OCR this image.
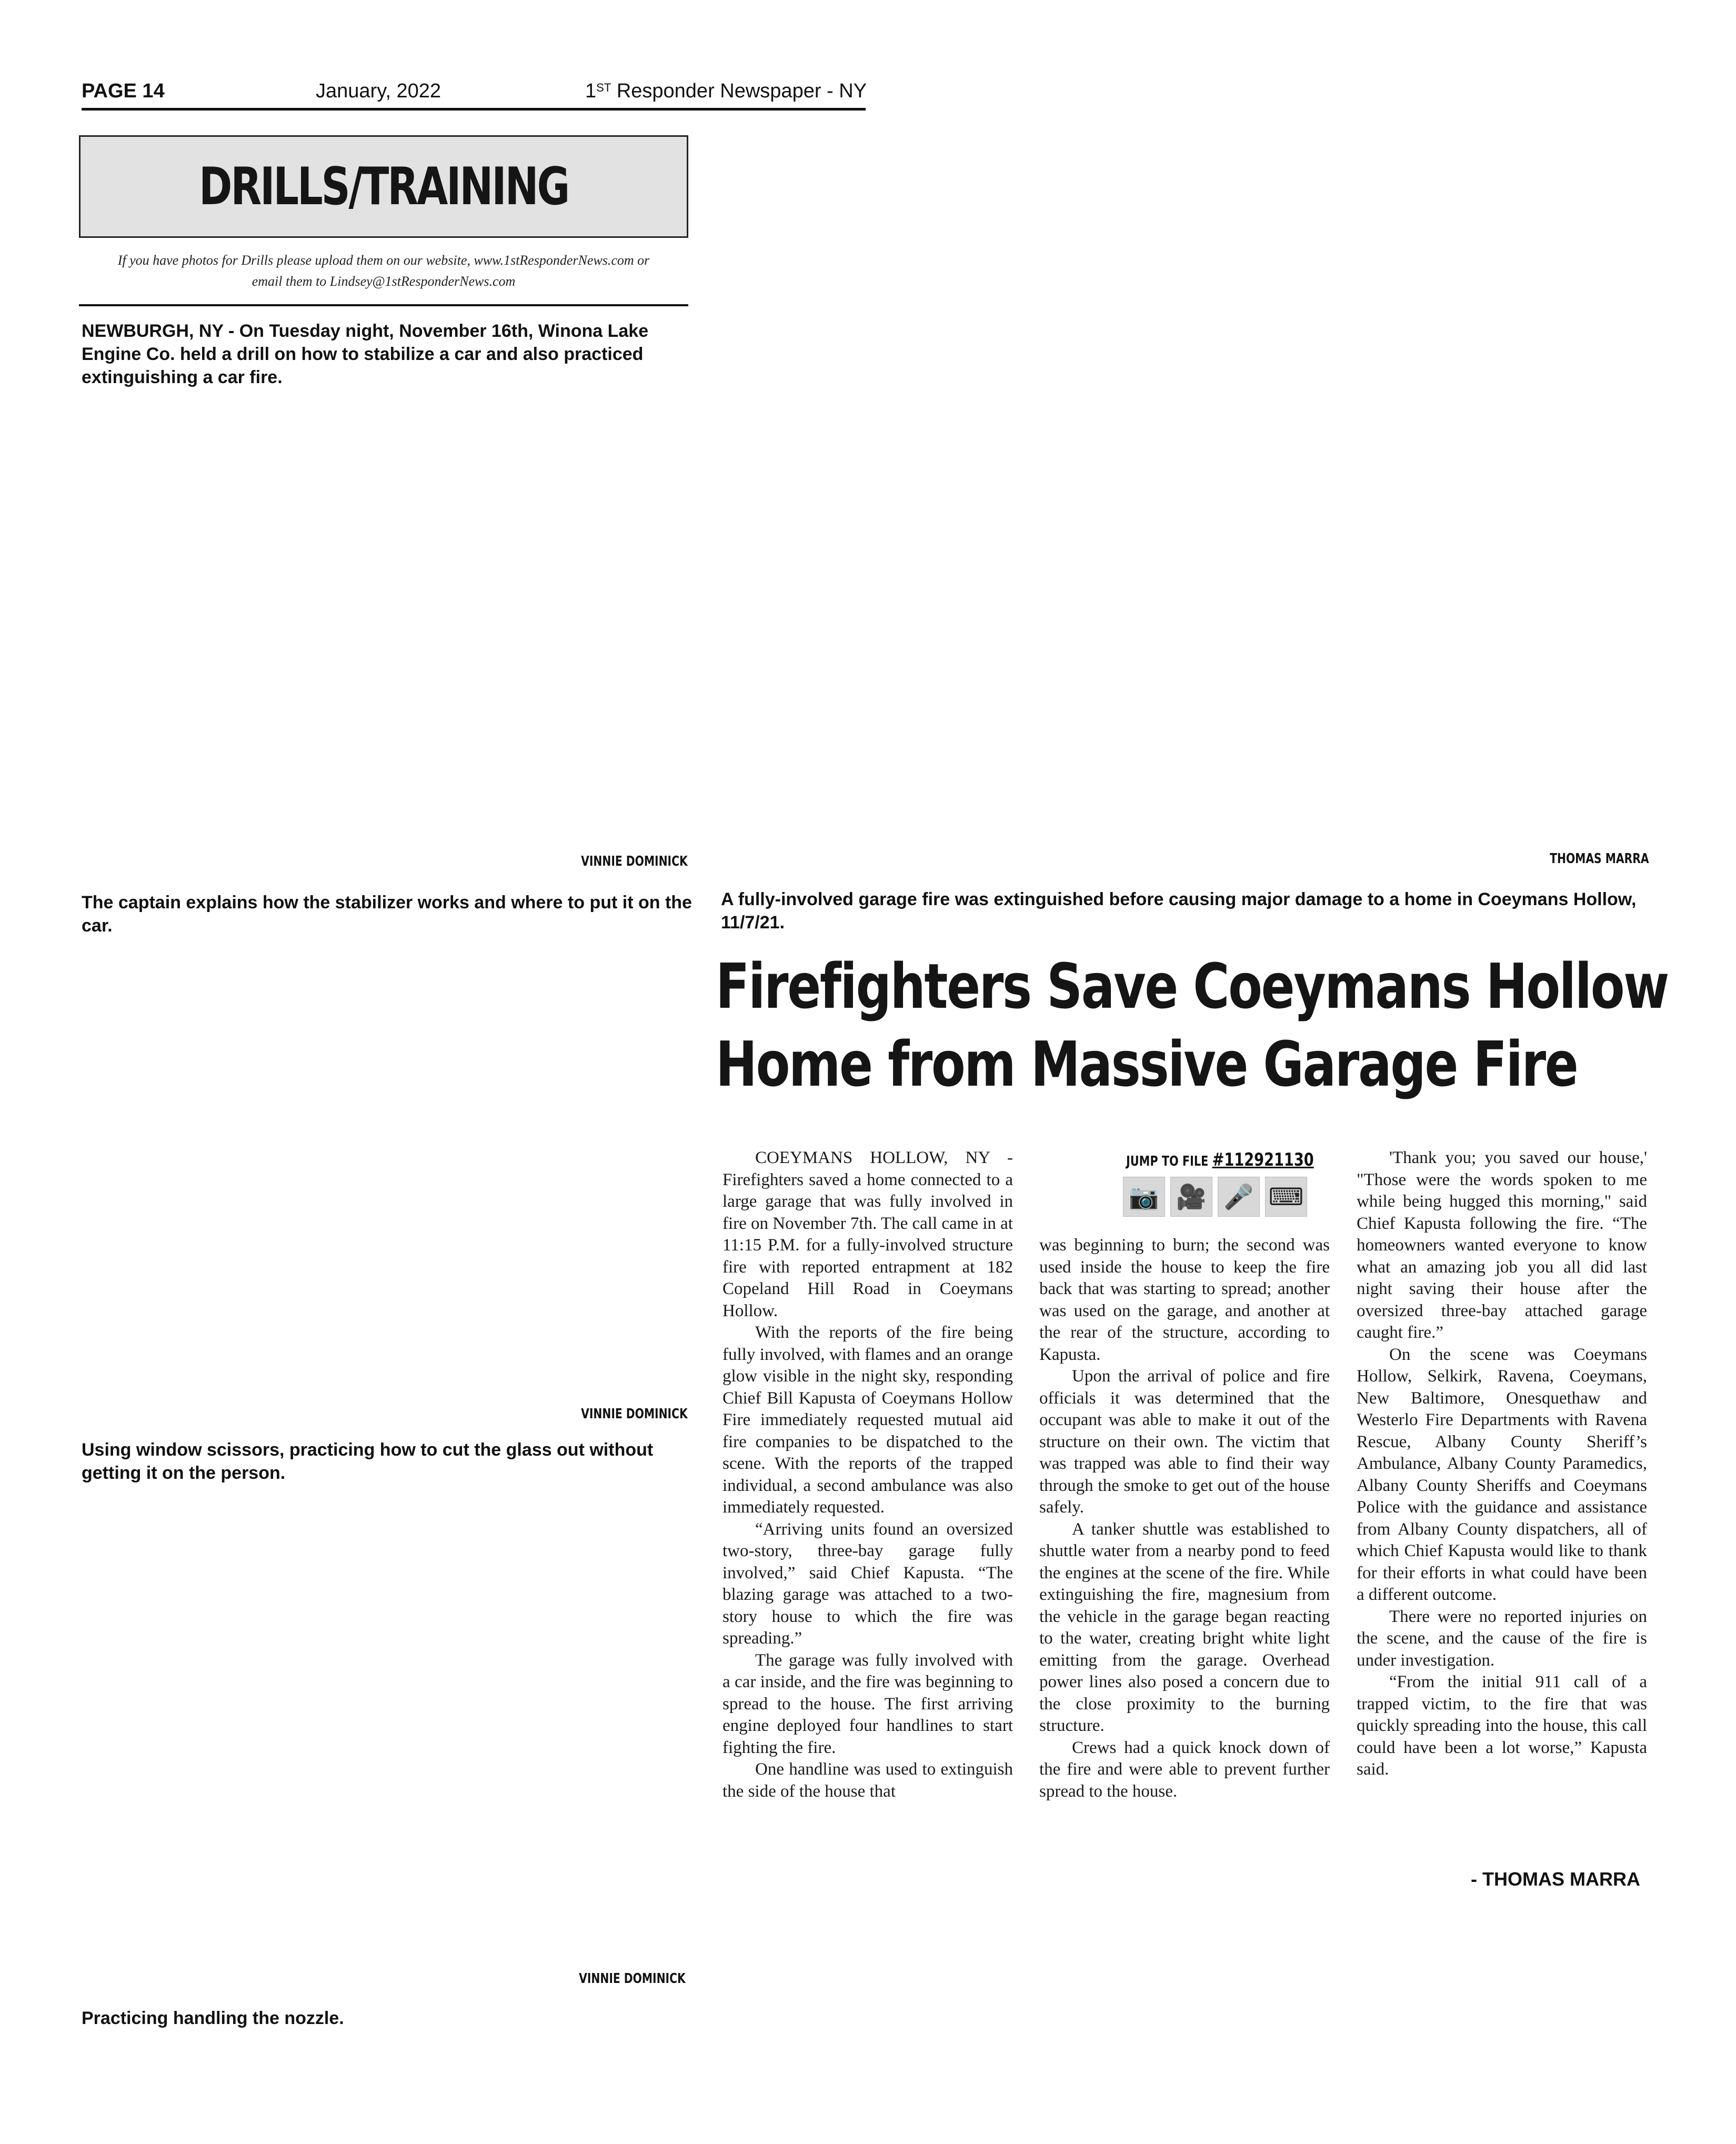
PAGE 14	January, 2022	1ST Responder Newspaper - NY
DRILLS/TRAINING
If you have photos for Drills please upload them on our website, www.1stResponderNews.com or
email them to Lindsey@1stResponderNews.com
NEWBURGH, NY - On Tuesday night, November 16th, Winona Lake Engine Co. held a drill on how to stabilize a car and also practiced extinguishing a car fire.
VINNIE DOMINICK
The captain explains how the stabilizer works and where to put it on the car.
VINNIE DOMINICK
Using window scissors, practicing how to cut the glass out without getting it on the person.
VINNIE DOMINICK
Practicing handling the nozzle.
THOMAS MARRA
A fully-involved garage fire was extinguished before causing major damage to a home in Coeymans Hollow, 11/7/21.
Firefighters Save Coeymans Hollow
Home from Massive Garage Fire

COEYMANS HOLLOW, NY - Firefighters saved a home connected to a large garage that was fully involved in fire on November 7th. The call came in at 11:15 P.M. for a fully-involved structure fire with reported entrapment at 182 Copeland Hill Road in Coeymans Hollow.

With the reports of the fire being fully involved, with flames and an orange glow visible in the night sky, responding Chief Bill Kapusta of Coeymans Hollow Fire immediately requested mutual aid fire companies to be dispatched to the scene. With the reports of the trapped individual, a second ambulance was also immediately requested.

“Arriving units found an oversized two-story, three-bay garage fully involved,” said Chief Kapusta. “The blazing garage was attached to a two-story house to which the fire was spreading.”

The garage was fully involved with a car inside, and the fire was beginning to spread to the house. The first arriving engine deployed four handlines to start fighting the fire.

One handline was used to extinguish the side of the house that

JUMP TO FILE #112921130
📷 🎥 🎤 ⌨

was beginning to burn; the second was used inside the house to keep the fire back that was starting to spread; another was used on the garage, and another at the rear of the structure, according to Kapusta.

Upon the arrival of police and fire officials it was determined that the occupant was able to make it out of the structure on their own. The victim that was trapped was able to find their way through the smoke to get out of the house safely.

A tanker shuttle was established to shuttle water from a nearby pond to feed the engines at the scene of the fire. While extinguishing the fire, magnesium from the vehicle in the garage began reacting to the water, creating bright white light emitting from the garage. Overhead power lines also posed a concern due to the close proximity to the burning structure.

Crews had a quick knock down of the fire and were able to prevent further spread to the house.

'Thank you; you saved our house,' "Those were the words spoken to me while being hugged this morning," said Chief Kapusta following the fire. “The homeowners wanted everyone to know what an amazing job you all did last night saving their house after the oversized three-bay attached garage caught fire.”

On the scene was Coeymans Hollow, Selkirk, Ravena, Coeymans, New Baltimore, Onesquethaw and Westerlo Fire Departments with Ravena Rescue, Albany County Sheriff’s Ambulance, Albany County Paramedics, Albany County Sheriffs and Coeymans Police with the guidance and assistance from Albany County dispatchers, all of which Chief Kapusta would like to thank for their efforts in what could have been a different outcome.

There were no reported injuries on the scene, and the cause of the fire is under investigation.

“From the initial 911 call of a trapped victim, to the fire that was quickly spreading into the house, this call could have been a lot worse,” Kapusta said.

- THOMAS MARRA
